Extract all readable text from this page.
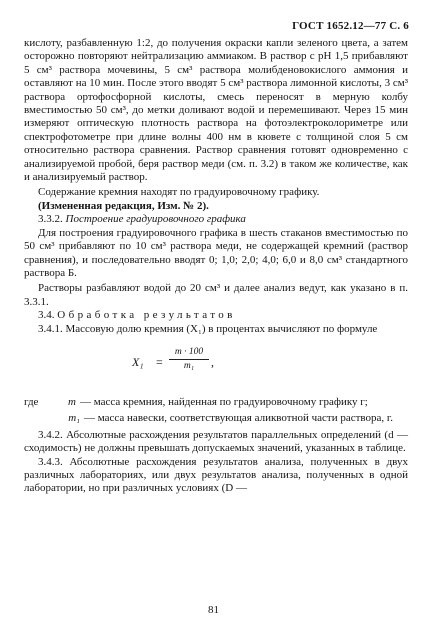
ГОСТ 1652.12—77 С. 6

кислоту, разбавленную 1:2, до получения окраски капли зеленого цвета, а затем осторожно повторяют нейтрализацию аммиаком. В раствор с рН 1,5 прибавляют 5 см³ раствора мочевины, 5 см³ раствора молибденовокислого аммония и оставляют на 10 мин. После этого вводят 5 см³ раствора лимонной кислоты, 3 см³ раствора ортофосфорной кислоты, смесь переносят в мерную колбу вместимостью 50 см³, до метки доливают водой и перемешивают. Через 15 мин измеряют оптическую плотность раствора на фотоэлектроколориметре или спектрофотометре при длине волны 400 нм в кювете с толщиной слоя 5 см относительно раствора сравнения. Раствор сравнения готовят одновременно с анализируемой пробой, беря раствор меди (см. п. 3.2) в таком же количестве, как и анализируемый раствор.

Содержание кремния находят по градуировочному графику.

(Измененная редакция, Изм. № 2).

3.3.2. Построение градуировочного графика

Для построения градуировочного графика в шесть стаканов вместимостью по 50 см³ прибавляют по 10 см³ раствора меди, не содержащей кремний (раствор сравнения), и последовательно вводят 0; 1,0; 2,0; 4,0; 6,0 и 8,0 см³ стандартного раствора Б.

Растворы разбавляют водой до 20 см³ и далее анализ ведут, как указано в п. 3.3.1.

3.4. Обработка результатов

3.4.1. Массовую долю кремния (X₁) в процентах вычисляют по формуле

X₁ =
m · 100
m₁	,
где	m — масса кремния, найденная по градуировочному графику г;
m₁ — масса навески, соответствующая аликвотной части раствора, г.

3.4.2. Абсолютные расхождения результатов параллельных определений (d — сходимость) не должны превышать допускаемых значений, указанных в таблице.

3.4.3. Абсолютные расхождения результатов анализа, полученных в двух различных лабораториях, или двух результатов анализа, полученных в одной лаборатории, но при различных условиях (D —

81
